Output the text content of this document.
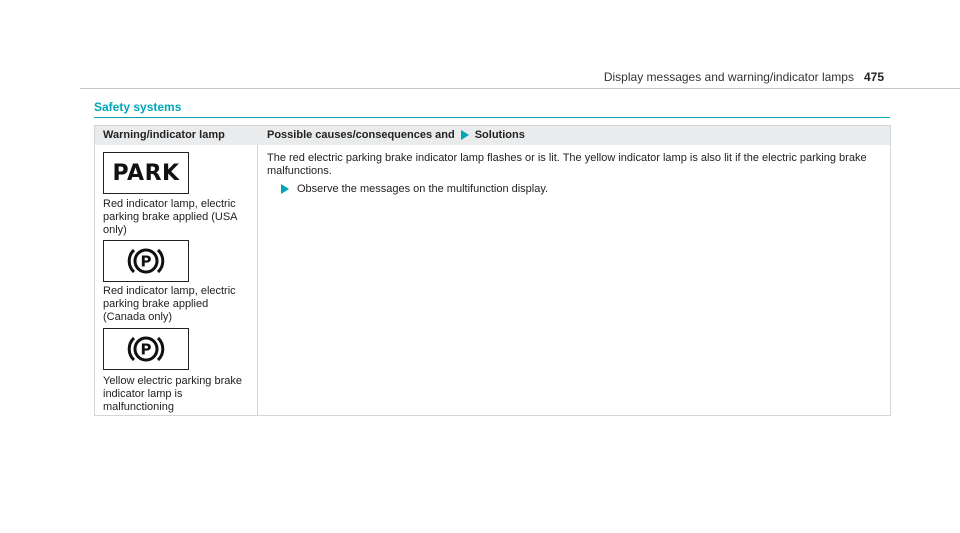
Display messages and warning/indicator lamps 475
Safety systems
Warning/indicator lamp	Possible causes/consequences and Solutions
PARK
Red indicator lamp, electric parking brake applied (USA only)
P
Red indicator lamp, electric parking brake applied (Canada only)
P
Yellow electric parking brake indicator lamp is malfunctioning
The red electric parking brake indicator lamp flashes or is lit. The yellow indicator lamp is also lit if the electric parking brake malfunctions.
Observe the messages on the multifunction display.
